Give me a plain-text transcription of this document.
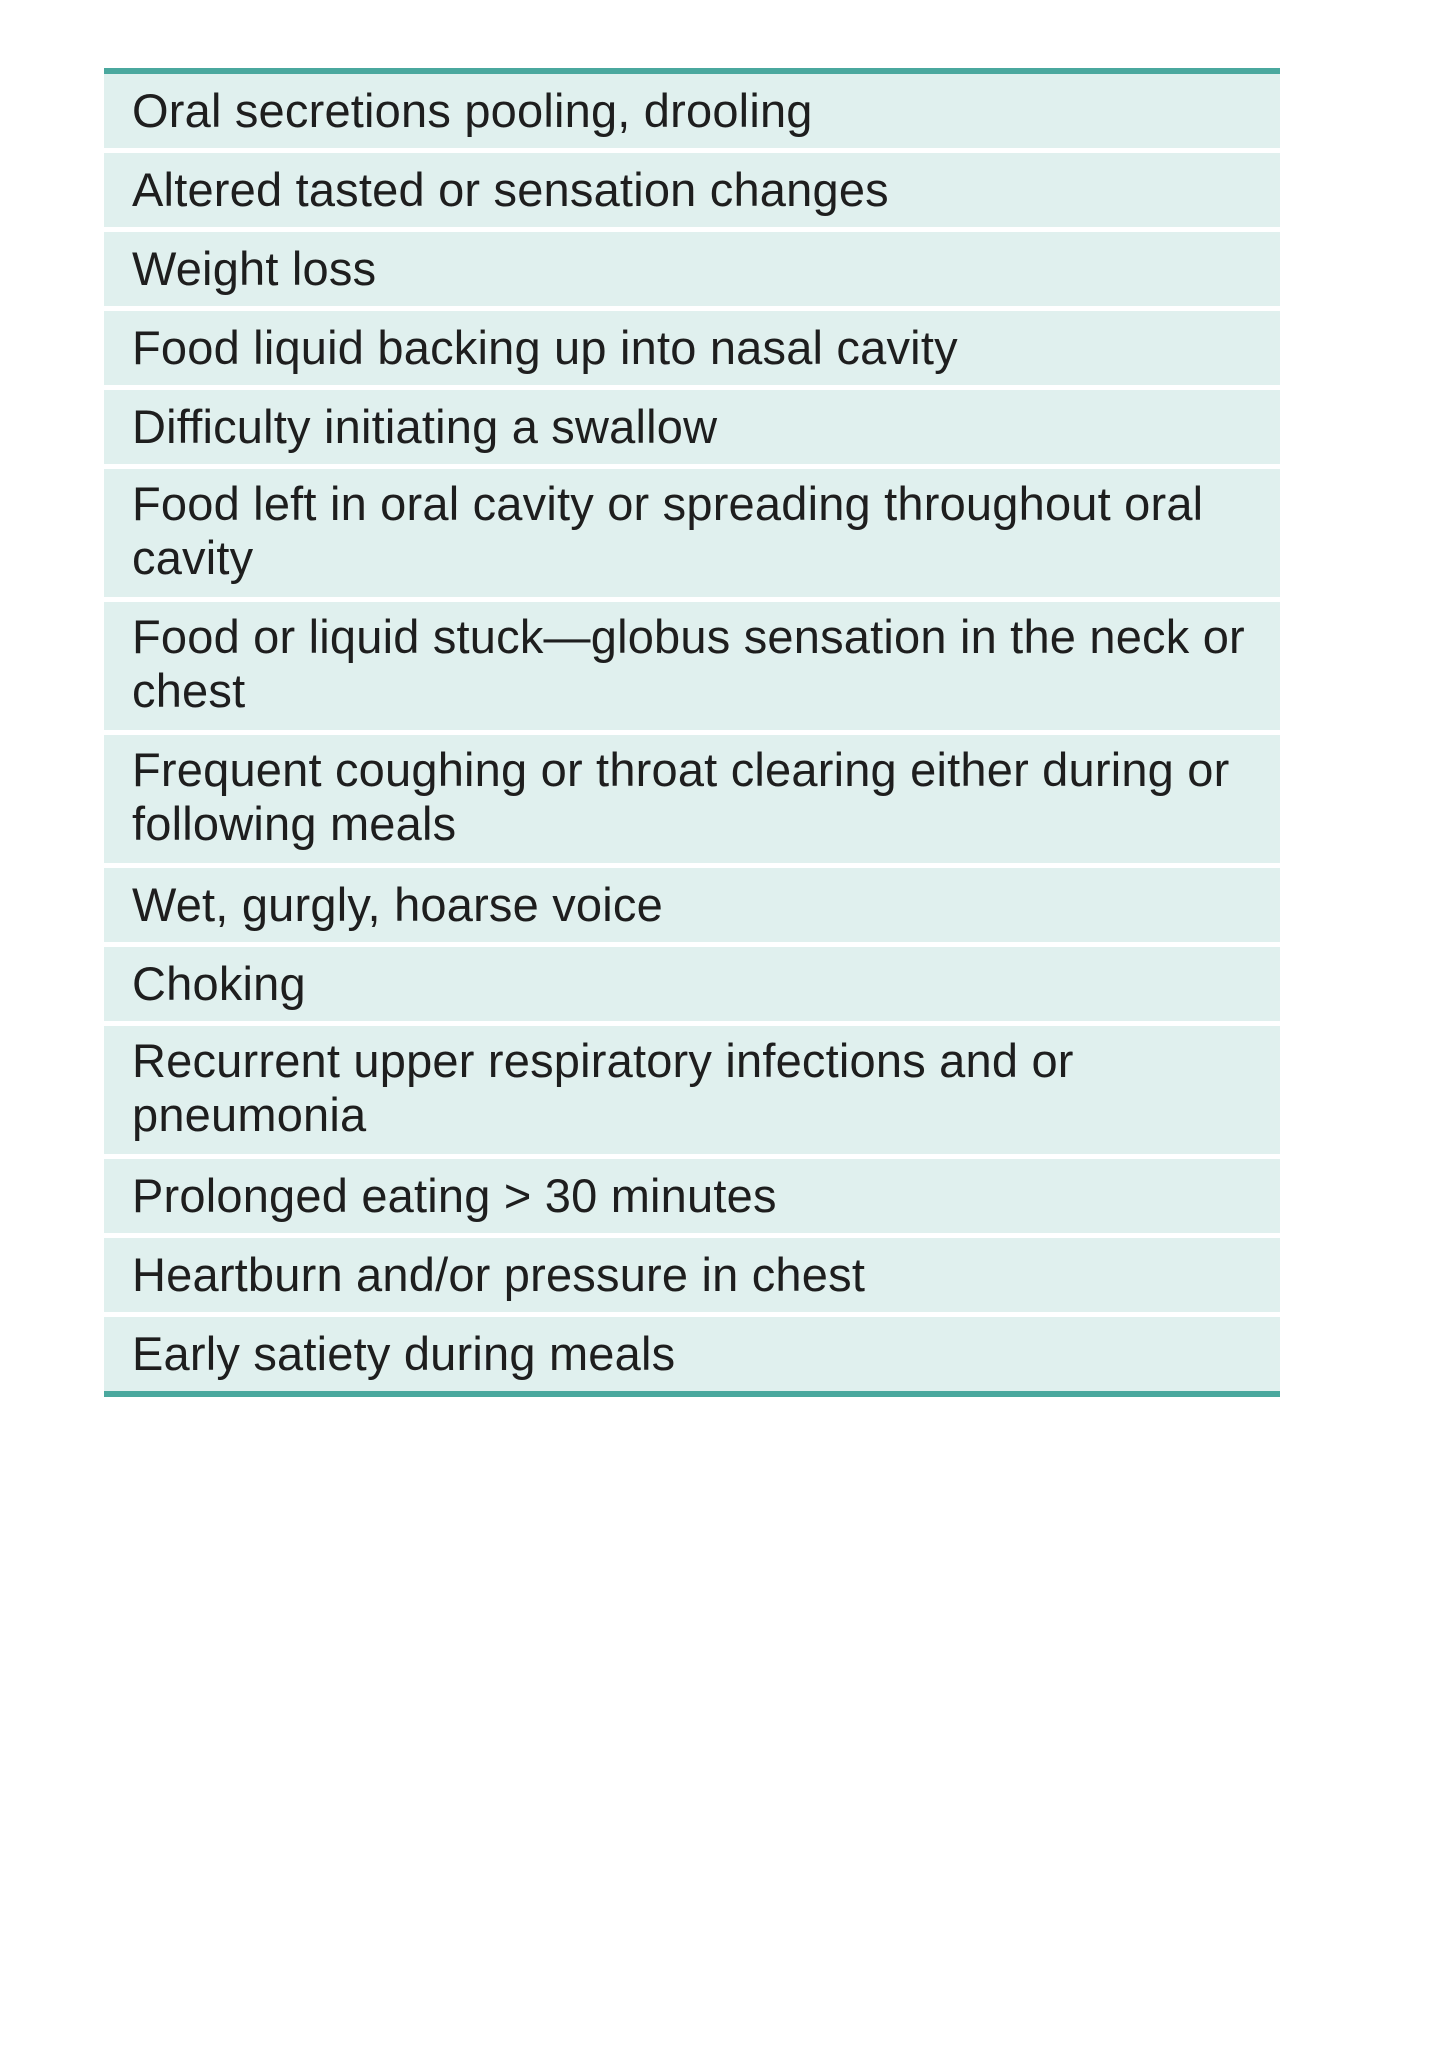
Oral secretions pooling, drooling
Altered tasted or sensation changes
Weight loss
Food liquid backing up into nasal cavity
Difficulty initiating a swallow
Food left in oral cavity or spreading throughout oral cavity
Food or liquid stuck—globus sensation in the neck or chest
Frequent coughing or throat clearing either during or following meals
Wet, gurgly, hoarse voice
Choking
Recurrent upper respiratory infections and or pneumonia
Prolonged eating > 30 minutes
Heartburn and/or pressure in chest
Early satiety during meals
